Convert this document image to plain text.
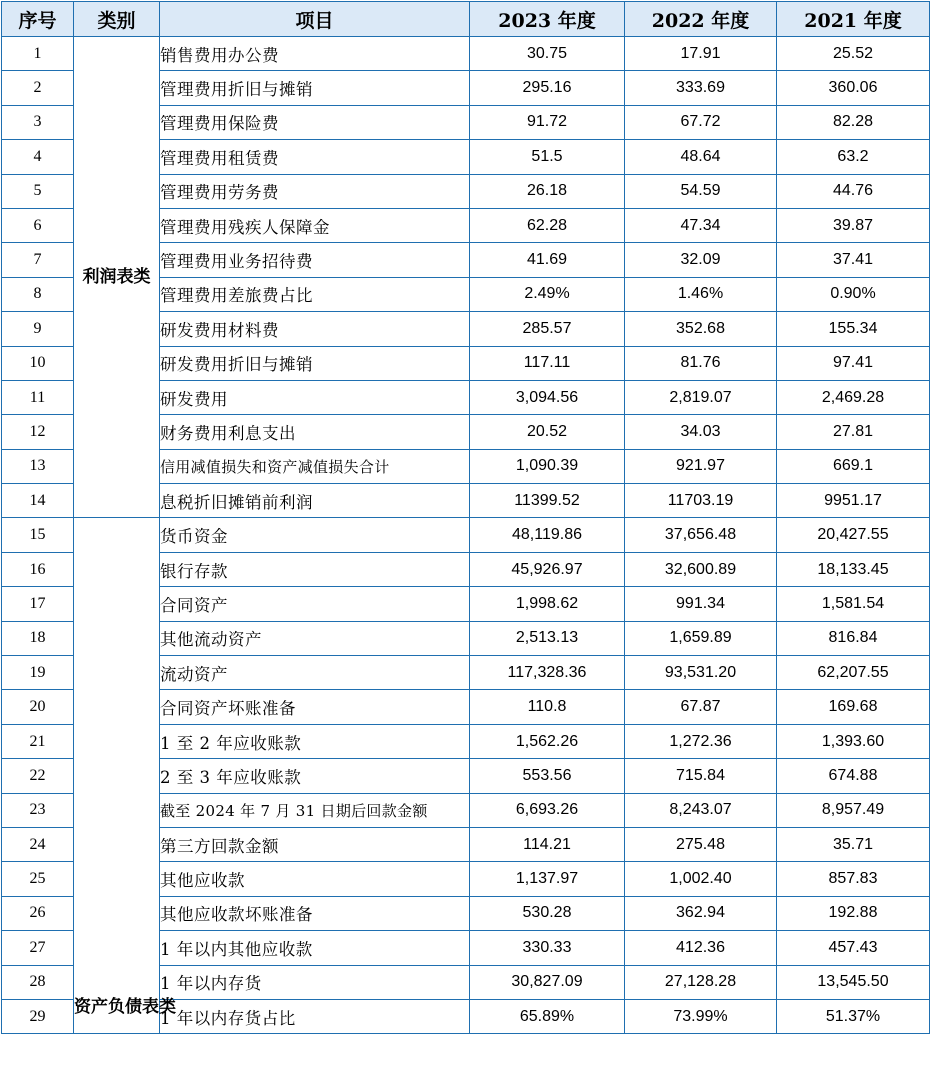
序号	类别	项目	2023 年度	2022 年度	2021 年度
1	利润表类	销售费用办公费	30.75	17.91	25.52
2		管理费用折旧与摊销	295.16	333.69	360.06
3		管理费用保险费	91.72	67.72	82.28
4		管理费用租赁费	51.5	48.64	63.2
5		管理费用劳务费	26.18	54.59	44.76
6		管理费用残疾人保障金	62.28	47.34	39.87
7		管理费用业务招待费	41.69	32.09	37.41
8		管理费用差旅费占比	2.49%	1.46%	0.90%
9		研发费用材料费	285.57	352.68	155.34
10		研发费用折旧与摊销	117.11	81.76	97.41
11		研发费用	3,094.56	2,819.07	2,469.28
12		财务费用利息支出	20.52	34.03	27.81
13		信用减值损失和资产减值损失合计	1,090.39	921.97	669.1
14		息税折旧摊销前利润	11399.52	11703.19	9951.17
15	资产负债表类	货币资金	48,119.86	37,656.48	20,427.55
16		银行存款	45,926.97	32,600.89	18,133.45
17		合同资产	1,998.62	991.34	1,581.54
18		其他流动资产	2,513.13	1,659.89	816.84
19		流动资产	117,328.36	93,531.20	62,207.55
20		合同资产坏账准备	110.8	67.87	169.68
21		1 至 2 年应收账款	1,562.26	1,272.36	1,393.60
22		2 至 3 年应收账款	553.56	715.84	674.88
23		截至 2024 年 7 月 31 日期后回款金额	6,693.26	8,243.07	8,957.49
24		第三方回款金额	114.21	275.48	35.71
25		其他应收款	1,137.97	1,002.40	857.83
26		其他应收款坏账准备	530.28	362.94	192.88
27		1 年以内其他应收款	330.33	412.36	457.43
28		1 年以内存货	30,827.09	27,128.28	13,545.50
29		1 年以内存货占比	65.89%	73.99%	51.37%
